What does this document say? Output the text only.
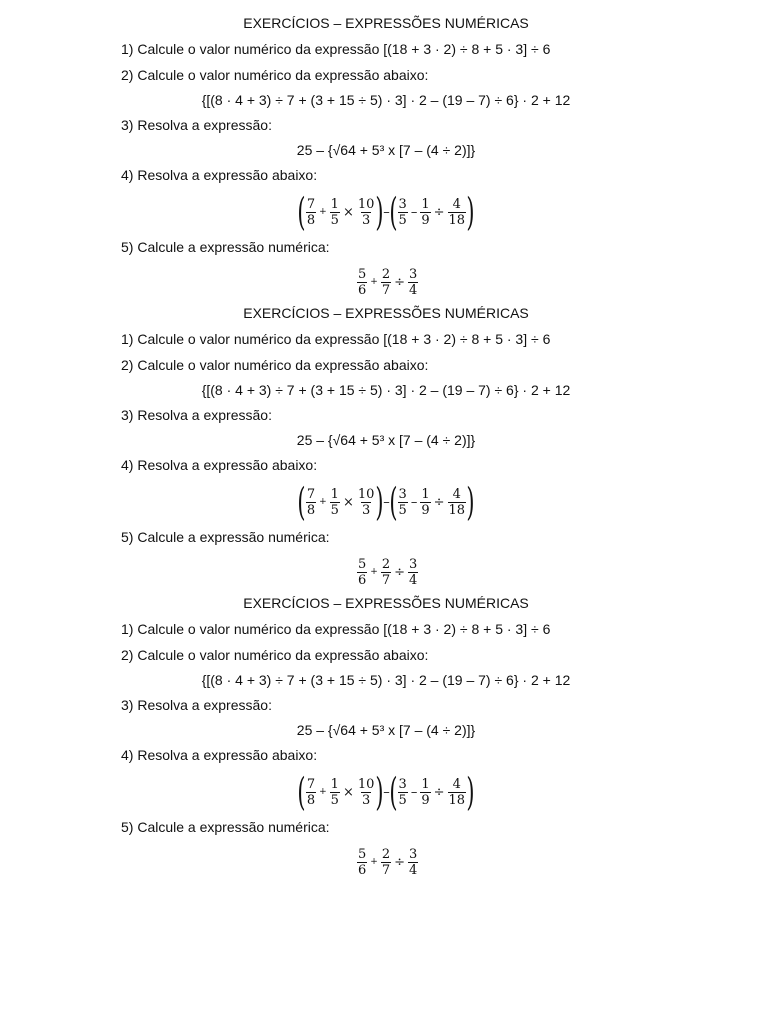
EXERCÍCIOS – EXPRESSÕES NUMÉRICAS
1) Calcule o valor numérico da expressão [(18 + 3 · 2) ÷ 8 + 5 · 3] ÷ 6
2) Calcule o valor numérico da expressão abaixo:
{[(8 · 4 + 3) ÷ 7 + (3 + 15 ÷ 5) · 3] · 2 – (19 – 7) ÷ 6} · 2 + 12
3) Resolva a expressão:
25 – {√64 + 5³ x [7 – (4 ÷ 2)]}
4) Resolva a expressão abaixo:
( $\frac{7}{8} + \frac{1}{5} \times \frac{10}{3}$ ) – ( $\frac{3}{5} - \frac{1}{9} \div \frac{4}{18}$ )
5) Calcule a expressão numérica:
$\frac{5}{6} + \frac{2}{7} \div \frac{3}{4}$
EXERCÍCIOS – EXPRESSÕES NUMÉRICAS
1) Calcule o valor numérico da expressão [(18 + 3 · 2) ÷ 8 + 5 · 3] ÷ 6
2) Calcule o valor numérico da expressão abaixo:
{[(8 · 4 + 3) ÷ 7 + (3 + 15 ÷ 5) · 3] · 2 – (19 – 7) ÷ 6} · 2 + 12
3) Resolva a expressão:
25 – {√64 + 5³ x [7 – (4 ÷ 2)]}
4) Resolva a expressão abaixo:
( $\frac{7}{8} + \frac{1}{5} \times \frac{10}{3}$ ) – ( $\frac{3}{5} - \frac{1}{9} \div \frac{4}{18}$ )
5) Calcule a expressão numérica:
$\frac{5}{6} + \frac{2}{7} \div \frac{3}{4}$
EXERCÍCIOS – EXPRESSÕES NUMÉRICAS
1) Calcule o valor numérico da expressão [(18 + 3 · 2) ÷ 8 + 5 · 3] ÷ 6
2) Calcule o valor numérico da expressão abaixo:
{[(8 · 4 + 3) ÷ 7 + (3 + 15 ÷ 5) · 3] · 2 – (19 – 7) ÷ 6} · 2 + 12
3) Resolva a expressão:
25 – {√64 + 5³ x [7 – (4 ÷ 2)]}
4) Resolva a expressão abaixo:
( $\frac{7}{8} + \frac{1}{5} \times \frac{10}{3}$ ) – ( $\frac{3}{5} - \frac{1}{9} \div \frac{4}{18}$ )
5) Calcule a expressão numérica:
$\frac{5}{6} + \frac{2}{7} \div \frac{3}{4}$
